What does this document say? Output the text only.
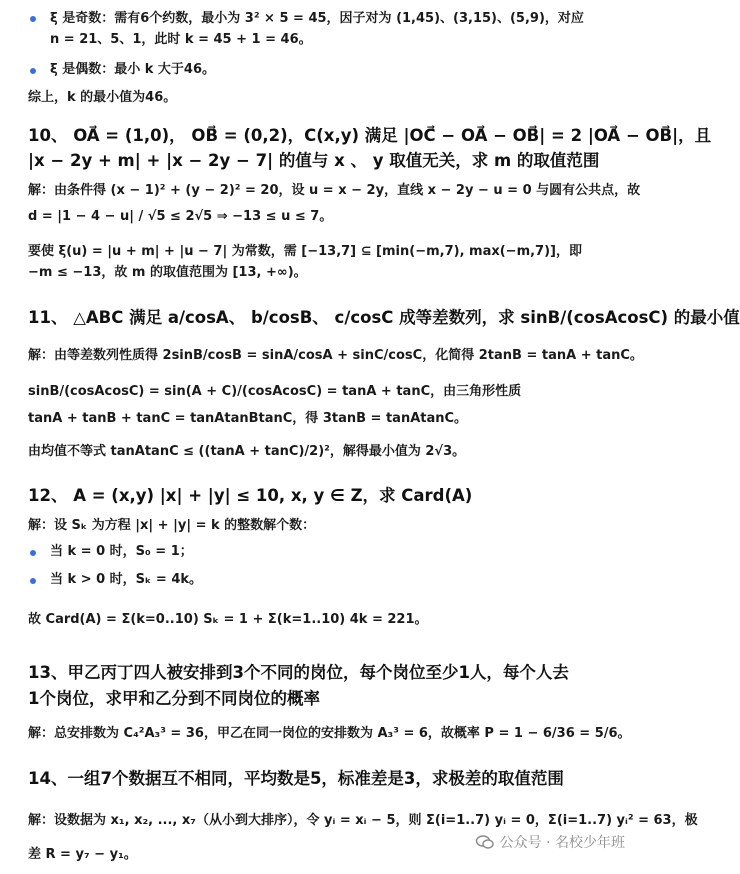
ξ 是奇数：需有6个约数，最小为 3² × 5 = 45，因子对为 (1,45)、(3,15)、(5,9)，对应
n = 21、5、1，此时 k = 45 + 1 = 46。
ξ 是偶数：最小 k 大于46。
综上，k 的最小值为46。
10、 OA⃗ = (1,0)， OB⃗ = (0,2)，C(x,y) 满足 |OC⃗ − OA⃗ − OB⃗| = 2 |OA⃗ − OB⃗|，且
|x − 2y + m| + |x − 2y − 7| 的值与 x 、 y 取值无关，求 m 的取值范围
解：由条件得 (x − 1)² + (y − 2)² = 20，设 u = x − 2y，直线 x − 2y − u = 0 与圆有公共点，故
d = |1 − 4 − u| / √5 ≤ 2√5 ⇒ −13 ≤ u ≤ 7。
要使 ξ(u) = |u + m| + |u − 7| 为常数，需 [−13,7] ⊆ [min(−m,7), max(−m,7)]，即
−m ≤ −13，故 m 的取值范围为 [13, +∞)。
11、 △ABC 满足 a/cosA、 b/cosB、 c/cosC 成等差数列，求 sinB/(cosAcosC) 的最小值
解：由等差数列性质得 2sinB/cosB = sinA/cosA + sinC/cosC，化简得 2tanB = tanA + tanC。
sinB/(cosAcosC) = sin(A + C)/(cosAcosC) = tanA + tanC，由三角形性质
tanA + tanB + tanC = tanAtanBtanC，得 3tanB = tanAtanC。
由均值不等式 tanAtanC ≤ ((tanA + tanC)/2)²，解得最小值为 2√3。
12、 A = (x,y) |x| + |y| ≤ 10, x, y ∈ Z，求 Card(A)
解：设 Sₖ 为方程 |x| + |y| = k 的整数解个数：
当 k = 0 时，S₀ = 1；
当 k > 0 时，Sₖ = 4k。
故 Card(A) = Σ(k=0..10) Sₖ = 1 + Σ(k=1..10) 4k = 221。
13、甲乙丙丁四人被安排到3个不同的岗位，每个岗位至少1人，每个人去
1个岗位，求甲和乙分到不同岗位的概率
解：总安排数为 C₄²A₃³ = 36，甲乙在同一岗位的安排数为 A₃³ = 6，故概率 P = 1 − 6/36 = 5/6。
14、一组7个数据互不相同，平均数是5，标准差是3，求极差的取值范围
解：设数据为 x₁, x₂, ..., x₇（从小到大排序），令 yᵢ = xᵢ − 5，则 Σ(i=1..7) yᵢ = 0，Σ(i=1..7) yᵢ² = 63，极
差 R = y₇ − y₁。
公众号 · 名校少年班
